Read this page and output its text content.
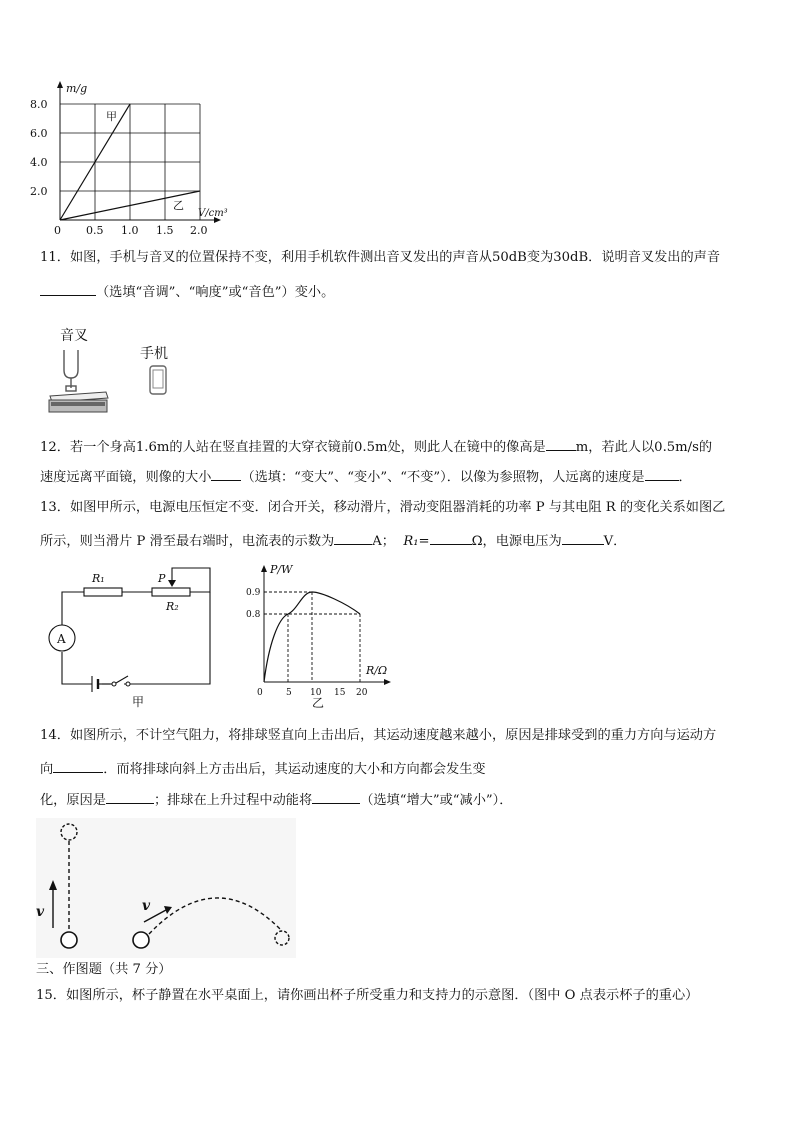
m/g
V/cm³
8.0
6.0
4.0
2.0
0 0.5 1.0 1.5 2.0
甲
乙
11．如图，手机与音叉的位置保持不变，利用手机软件测出音叉发出的声音从50dB变为30dB．说明音叉发出的声音
（选填“音调”、“响度”或“音色”）变小。
音叉
手机
12．若一个身高1.6m的人站在竖直挂置的大穿衣镜前0.5m处，则此人在镜中的像高是 m，若此人以0.5m/s的
速度远离平面镜，则像的大小 （选填：“变大”、“变小”、“不变”）．以像为参照物，人远离的速度是	．
13．如图甲所示，电源电压恒定不变．闭合开关，移动滑片，滑动变阻器消耗的功率 P 与其电阻 R 的变化关系如图乙
所示，则当滑片 P 滑至最右端时，电流表的示数为	A； R₁=	Ω，电源电压为	V．
R₁	P
R₂
A
甲
P/W
R/Ω
0.9
0.8
0	5 10 15 20
乙
14．如图所示，不计空气阻力，将排球竖直向上击出后，其运动速度越来越小，原因是排球受到的重力方向与运动方
向	．而将排球向斜上方击出后，其运动速度的大小和方向都会发生变
化，原因是	；排球在上升过程中动能将	（选填“增大”或“减小”）．
v	v
三、作图题（共 7 分）
15．如图所示，杯子静置在水平桌面上，请你画出杯子所受重力和支持力的示意图．（图中 O 点表示杯子的重心）
